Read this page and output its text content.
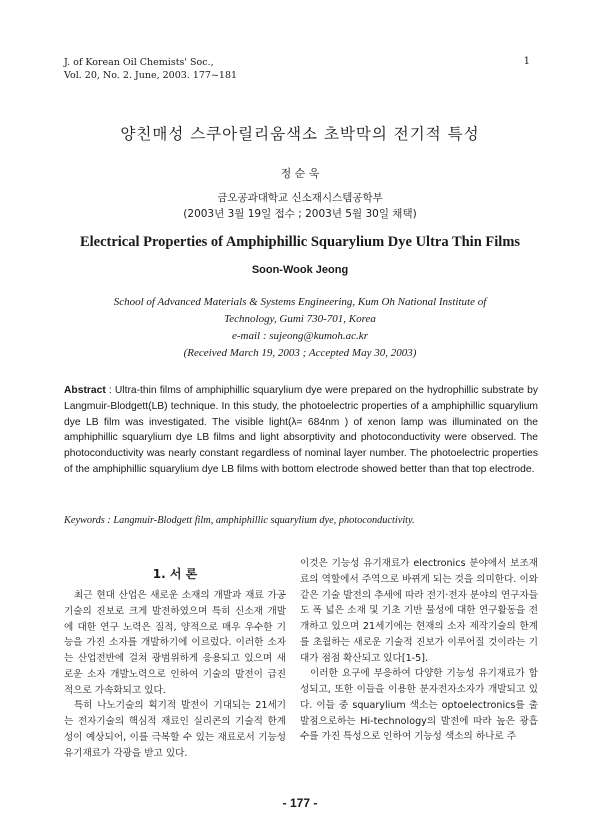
J. of Korean Oil Chemists' Soc.,
Vol. 20, No. 2. June, 2003. 177~181
1
양친매성 스쿠아릴리움색소 초박막의 전기적 특성
정 순 욱
금오공과대학교 신소재시스템공학부
(2003년 3월 19일 접수 ; 2003년 5월 30일 채택)
Electrical Properties of Amphiphillic Squarylium Dye Ultra Thin Films
Soon-Wook Jeong
School of Advanced Materials & Systems Engineering, Kum Oh National Institute of
Technology, Gumi 730-701, Korea
e-mail : sujeong@kumoh.ac.kr
(Received March 19, 2003 ; Accepted May 30, 2003)
Abstract : Ultra-thin films of amphiphillic squarylium dye were prepared on the hydrophillic substrate by Langmuir-Blodgett(LB) technique. In this study, the photoelectric properties of a amphiphillic squarylium dye LB film was investigated. The visible light(λ= 684nm ) of xenon lamp was illuminated on the amphiphillic squarylium dye LB films and light absorptivity and photoconductivity were observed. The photoconductivity was nearly constant regardless of nominal layer number. The photoelectric properties of the amphiphillic squarylium dye LB films with bottom electrode showed better than that top electrode.
Keywords : Langmuir-Blodgett film, amphiphillic squarylium dye, photoconductivity.
1. 서 론

최근 현대 산업은 새로운 소재의 개발과 재료 가공 기술의 진보로 크게 발전하였으며 특히 신소재 개발에 대한 연구 노력은 질적, 양적으로 매우 우수한 기능을 가진 소자를 개발하기에 이르렀다. 이러한 소자는 산업전반에 걸쳐 광범위하게 응용되고 있으며 새로운 소자 개발노력으로 인하여 기술의 발전이 급진적으로 가속화되고 있다.

특히 나노기술의 획기적 발전이 기대되는 21세기는 전자기술의 핵심적 재료인 실리콘의 기술적 한계성이 예상되어, 이를 극복할 수 있는 재료로서 기능성 유기재료가 각광을 받고 있다.

이것은 기능성 유기재료가 electronics 분야에서 보조재료의 역할에서 주역으로 바뀌게 되는 것을 의미한다. 이와 같은 기술 발전의 추세에 따라 전기·전자 분야의 연구자들도 폭 넓은 소재 및 기초 기반 물성에 대한 연구활동을 전개하고 있으며 21세기에는 현재의 소자 제작기술의 한계를 초월하는 새로운 기술적 진보가 이루어질 것이라는 기대가 점점 확산되고 있다[1-5].

이러한 요구에 부응하여 다양한 기능성 유기재료가 합성되고, 또한 이들을 이용한 분자전자소자가 개발되고 있다. 이들 중 squarylium 색소는 optoelectronics를 출발점으로하는 Hi-technology의 발전에 따라 높은 광흡수를 가진 특성으로 인하여 기능성 색소의 하나로 주

- 177 -
